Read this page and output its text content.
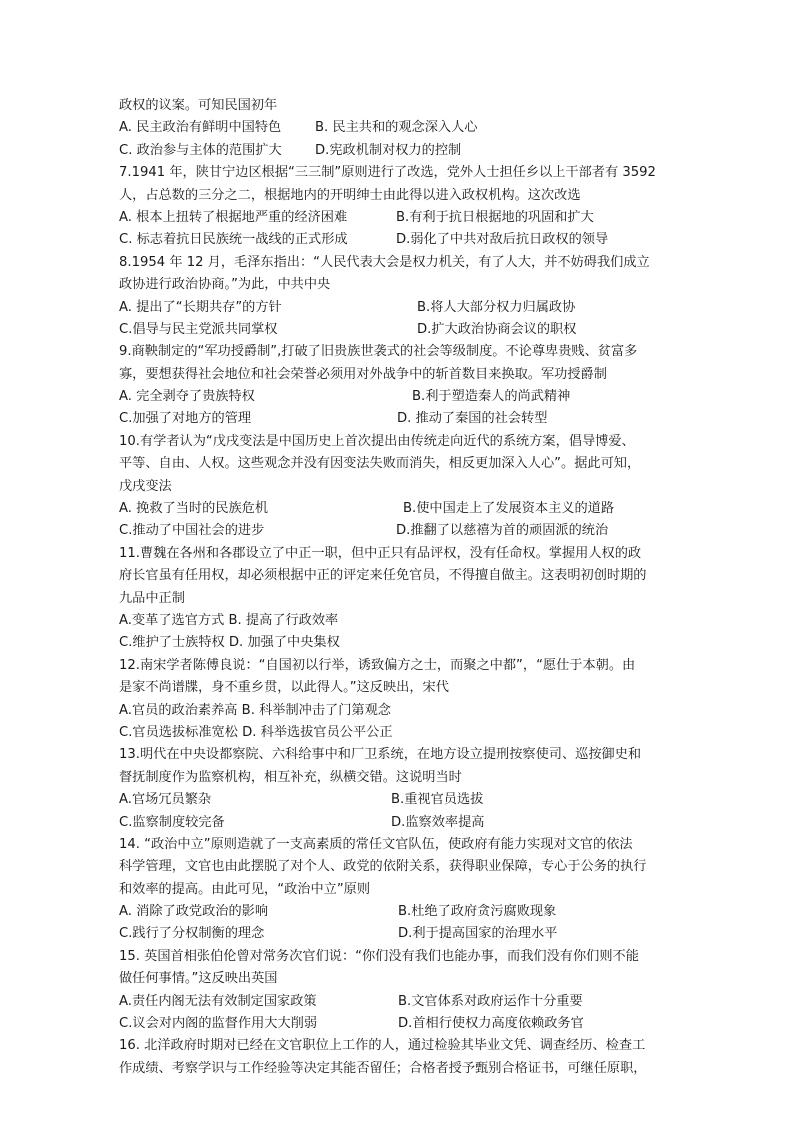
政权的议案。可知民国初年
A. 民主政治有鲜明中国特色	B. 民主共和的观念深入人心
C. 政治参与主体的范围扩大	D.宪政机制对权力的控制
7.1941 年，陕甘宁边区根据“三三制”原则进行了改选，党外人士担任乡以上干部者有 3592
人，占总数的三分之二，根据地内的开明绅士由此得以进入政权机构。这次改选
A. 根本上扭转了根据地严重的经济困难	B.有利于抗日根据地的巩固和扩大
C. 标志着抗日民族统一战线的正式形成	D.弱化了中共对敌后抗日政权的领导
8.1954 年 12 月，毛泽东指出：“人民代表大会是权力机关，有了人大，并不妨碍我们成立
政协进行政治协商。”为此，中共中央
A. 提出了“长期共存”的方针	B.将人大部分权力归属政协
C.倡导与民主党派共同掌权	D.扩大政治协商会议的职权
9.商鞅制定的“军功授爵制”,打破了旧贵族世袭式的社会等级制度。不论尊卑贵贱、贫富多
寡，要想获得社会地位和社会荣誉必须用对外战争中的斩首数目来换取。军功授爵制
A. 完全剥夺了贵族特权	B.利于塑造秦人的尚武精神
C.加强了对地方的管理	D. 推动了秦国的社会转型
10.有学者认为“戊戌变法是中国历史上首次提出由传统走向近代的系统方案，倡导博爱、
平等、自由、人权。这些观念并没有因变法失败而消失，相反更加深入人心”。据此可知，
戊戌变法
A. 挽救了当时的民族危机	B.使中国走上了发展资本主义的道路
C.推动了中国社会的进步	D.推翻了以慈禧为首的顽固派的统治
11.曹魏在各州和各郡设立了中正一职，但中正只有品评权，没有任命权。掌握用人权的政
府长官虽有任用权，却必须根据中正的评定来任免官员，不得擅自做主。这表明初创时期的
九品中正制
A.变革了选官方式 B. 提高了行政效率
C.维护了士族特权 D. 加强了中央集权
12.南宋学者陈傅良说：“自国初以行举，诱致偏方之士，而聚之中都”，“愿仕于本朝。由
是家不尚谱牒，身不重乡贯，以此得人。”这反映出，宋代
A.官员的政治素养高 B. 科举制冲击了门第观念
C.官员选拔标准宽松 D. 科举选拔官员公平公正
13.明代在中央设都察院、六科给事中和厂卫系统，在地方设立提刑按察使司、巡按御史和
督抚制度作为监察机构，相互补充，纵横交错。这说明当时
A.官场冗员繁杂	B.重视官员选拔
C.监察制度较完备	D.监察效率提高
14. “政治中立”原则造就了一支高素质的常任文官队伍，使政府有能力实现对文官的依法
科学管理，文官也由此摆脱了对个人、政党的依附关系，获得职业保障，专心于公务的执行
和效率的提高。由此可见，“政治中立”原则
A. 消除了政党政治的影响	B.杜绝了政府贪污腐败现象
C.践行了分权制衡的理念	D.利于提高国家的治理水平
15. 英国首相张伯伦曾对常务次官们说：“你们没有我们也能办事，而我们没有你们则不能
做任何事情。”这反映出英国
A.责任内阁无法有效制定国家政策	B.文官体系对政府运作十分重要
C.议会对内阁的监督作用大大削弱	D.首相行使权力高度依赖政务官
16. 北洋政府时期对已经在文官职位上工作的人，通过检验其毕业文凭、调查经历、检查工
作成绩、考察学识与工作经验等决定其能否留任；合格者授予甄别合格证书，可继任原职，
